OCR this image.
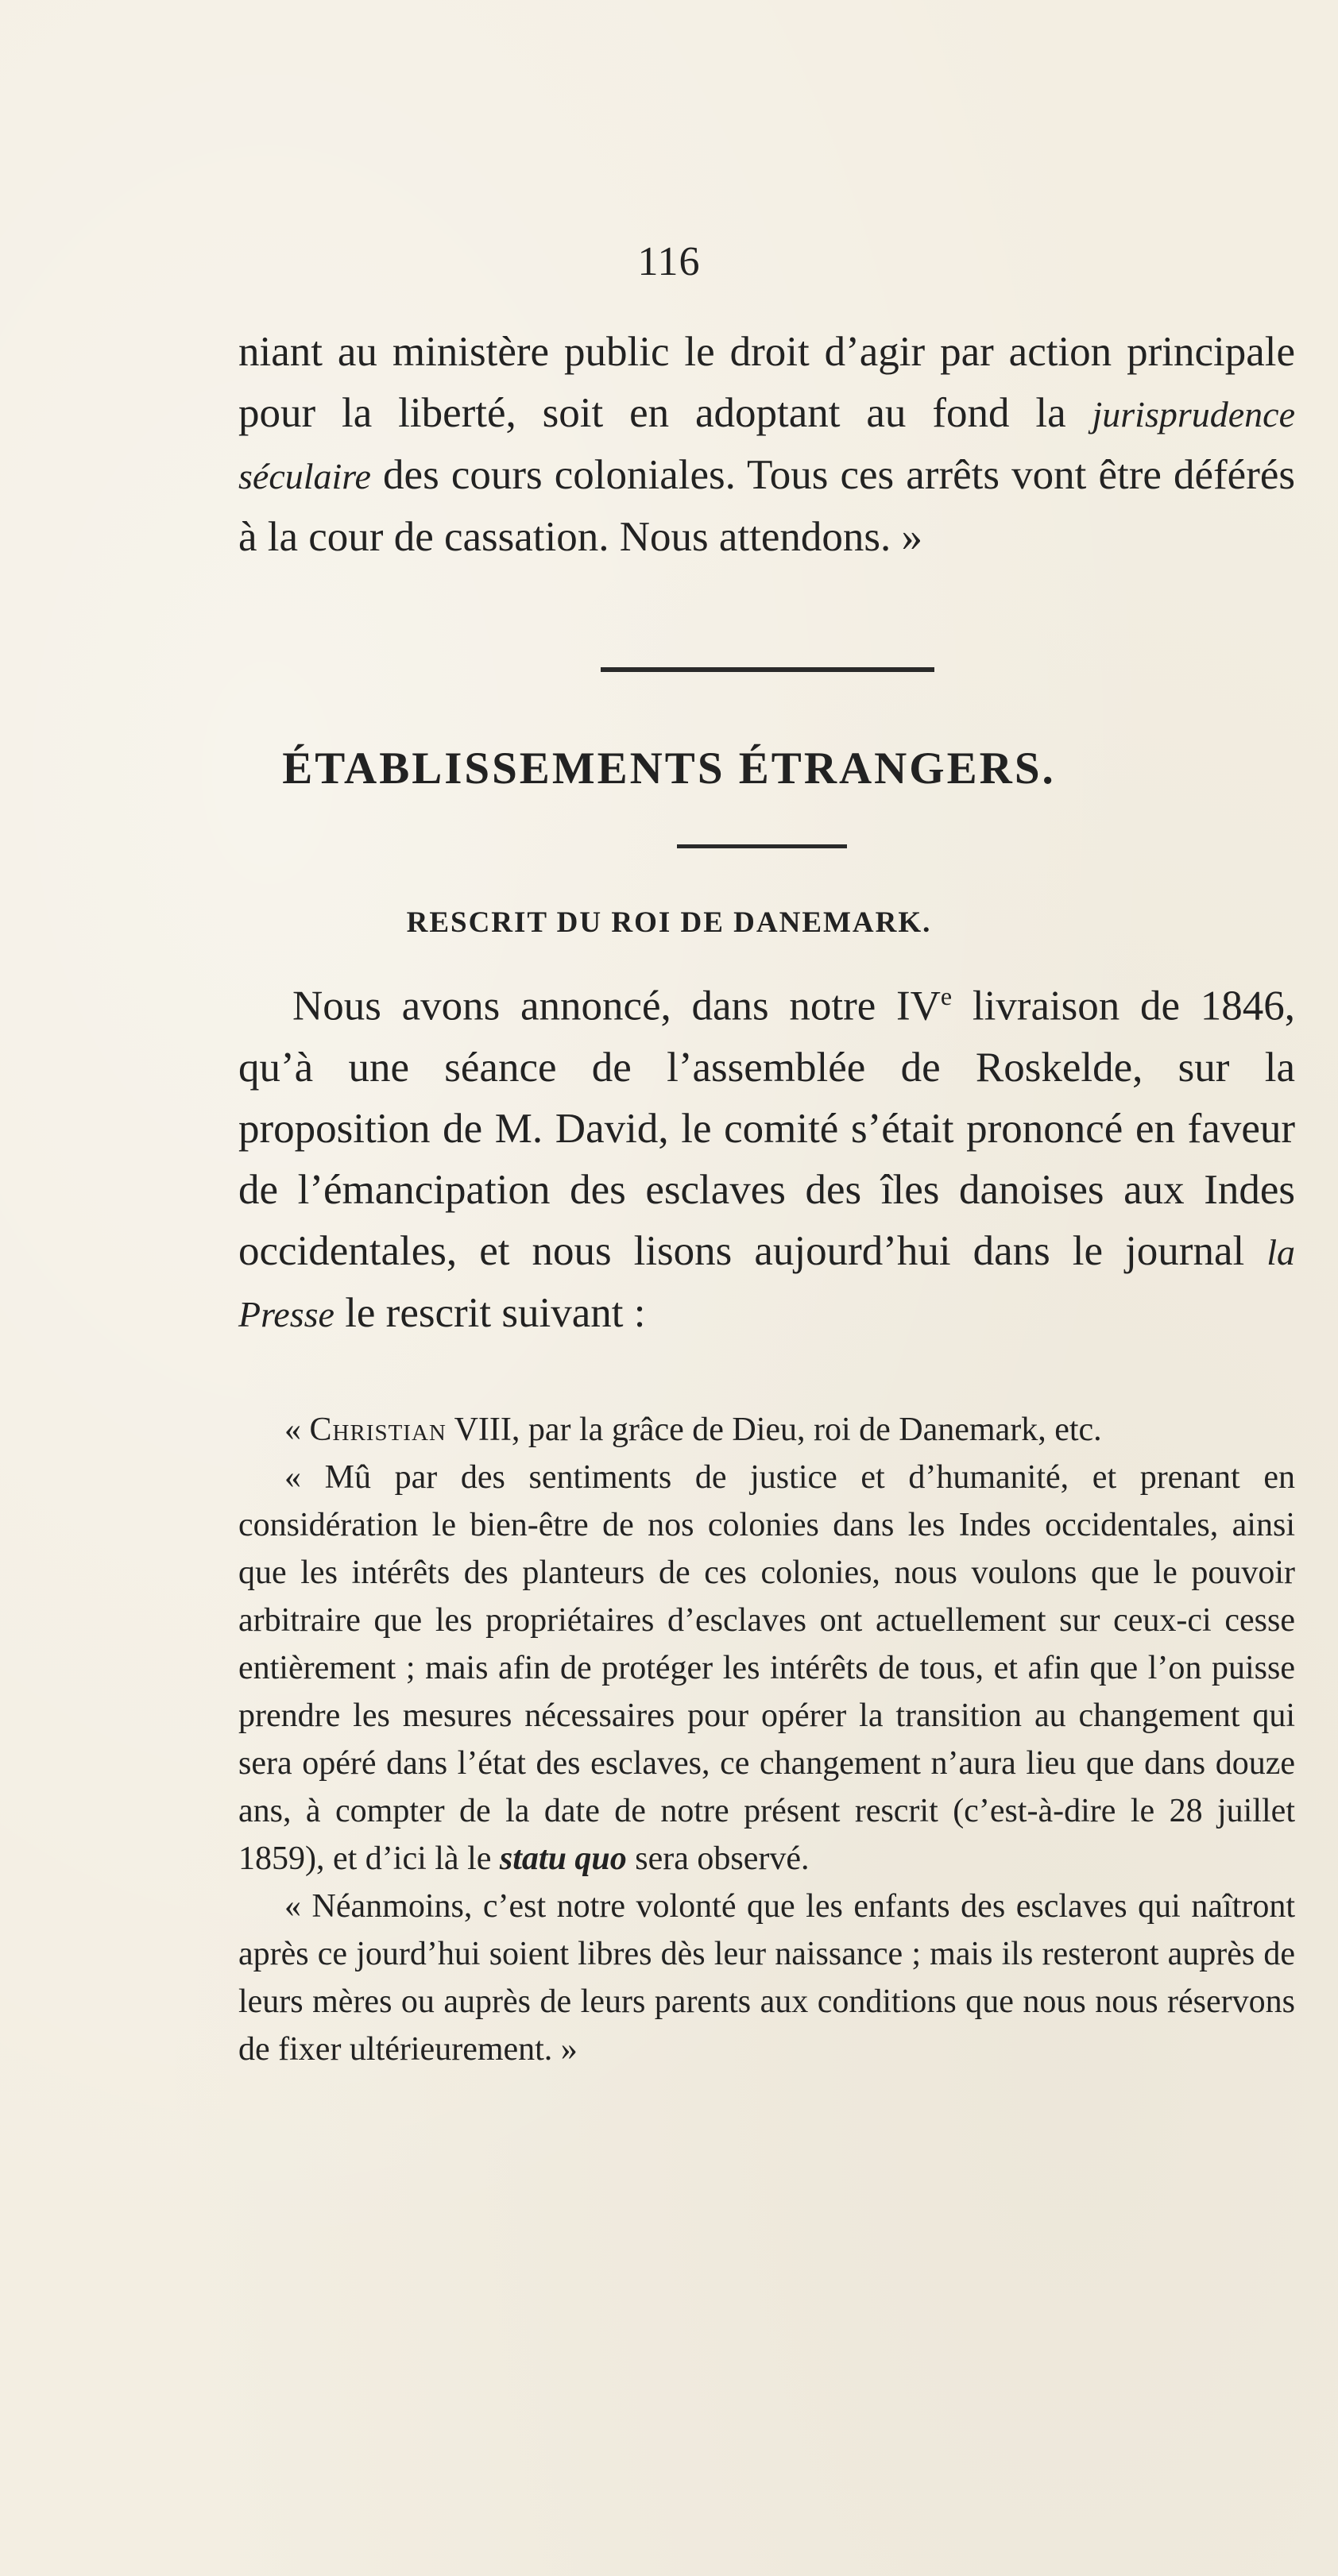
116

niant au ministère public le droit d’agir par action principale pour la liberté, soit en adoptant au fond la jurisprudence séculaire des cours coloniales. Tous ces arrêts vont être déférés à la cour de cassation. Nous attendons. »

ÉTABLISSEMENTS ÉTRANGERS.
RESCRIT DU ROI DE DANEMARK.

Nous avons annoncé, dans notre IVe livraison de 1846, qu’à une séance de l’assemblée de Roskelde, sur la proposition de M. David, le comité s’était prononcé en faveur de l’émancipation des esclaves des îles danoises aux Indes occidentales, et nous lisons aujourd’hui dans le journal la Presse le rescrit suivant :

« Christian VIII, par la grâce de Dieu, roi de Danemark, etc.

« Mû par des sentiments de justice et d’humanité, et prenant en considération le bien-être de nos colonies dans les Indes occidentales, ainsi que les intérêts des planteurs de ces colonies, nous voulons que le pouvoir arbitraire que les propriétaires d’esclaves ont actuellement sur ceux-ci cesse entièrement ; mais afin de protéger les intérêts de tous, et afin que l’on puisse prendre les mesures nécessaires pour opérer la transition au changement qui sera opéré dans l’état des esclaves, ce changement n’aura lieu que dans douze ans, à compter de la date de notre présent rescrit (c’est-à-dire le 28 juillet 1859), et d’ici là le statu quo sera observé.

« Néanmoins, c’est notre volonté que les enfants des esclaves qui naîtront après ce jourd’hui soient libres dès leur naissance ; mais ils resteront auprès de leurs mères ou auprès de leurs parents aux conditions que nous nous réservons de fixer ultérieurement. »
